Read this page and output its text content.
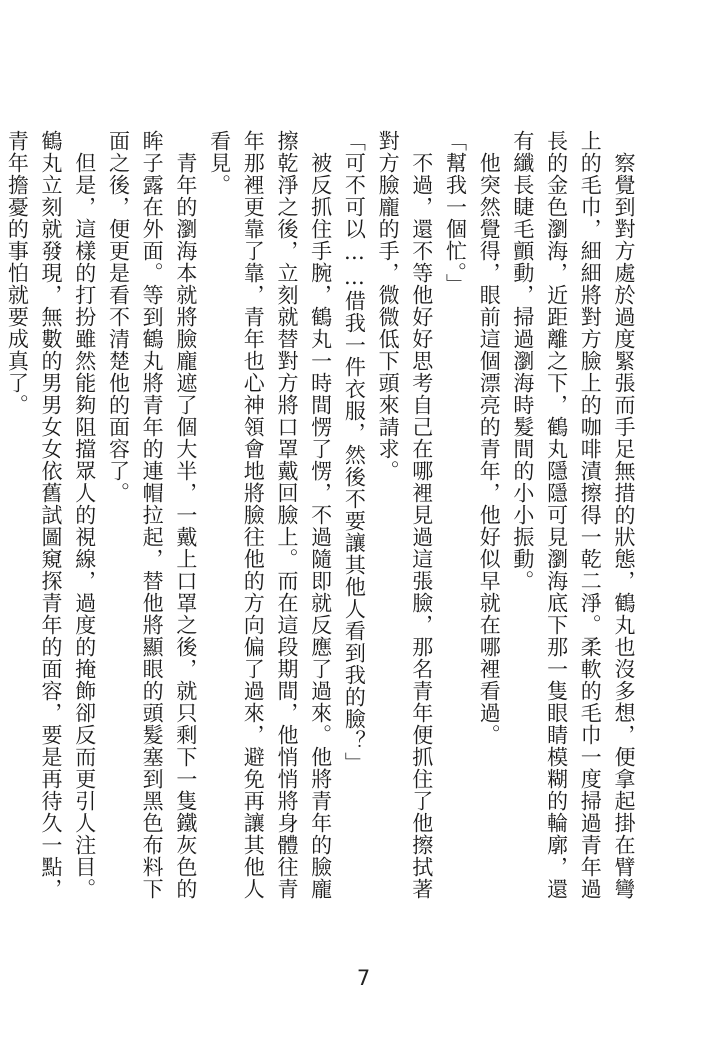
　察覺到對方處於過度緊張而手足無措的狀態，鶴丸也沒多想，便拿起掛在臂彎上的毛巾，細細將對方臉上的咖啡漬擦得一乾二淨。柔軟的毛巾一度掃過青年過長的金色瀏海，近距離之下，鶴丸隱隱可見瀏海底下那一隻眼睛模糊的輪廓，還有纖長睫毛顫動，掃過瀏海時髮間的小小振動。

　他突然覺得，眼前這個漂亮的青年，他好似早就在哪裡看過。

「幫我一個忙。」

　不過，還不等他好好思考自己在哪裡見過這張臉，那名青年便抓住了他擦拭著對方臉龐的手，微微低下頭來請求。

「可不可以……借我一件衣服，然後不要讓其他人看到我的臉？」

　被反抓住手腕，鶴丸一時間愣了愣，不過隨即就反應了過來。他將青年的臉龐擦乾淨之後，立刻就替對方將口罩戴回臉上。而在這段期間，他悄悄將身體往青年那裡更靠了靠，青年也心神領會地將臉往他的方向偏了過來，避免再讓其他人看見。

　青年的瀏海本就將臉龐遮了個大半，一戴上口罩之後，就只剩下一隻鐵灰色的眸子露在外面。等到鶴丸將青年的連帽拉起，替他將顯眼的頭髮塞到黑色布料下面之後，便更是看不清楚他的面容了。

　但是，這樣的打扮雖然能夠阻擋眾人的視線，過度的掩飾卻反而更引人注目。鶴丸立刻就發現，無數的男男女女依舊試圖窺探青年的面容，要是再待久一點，青年擔憂的事怕就要成真了。

7
